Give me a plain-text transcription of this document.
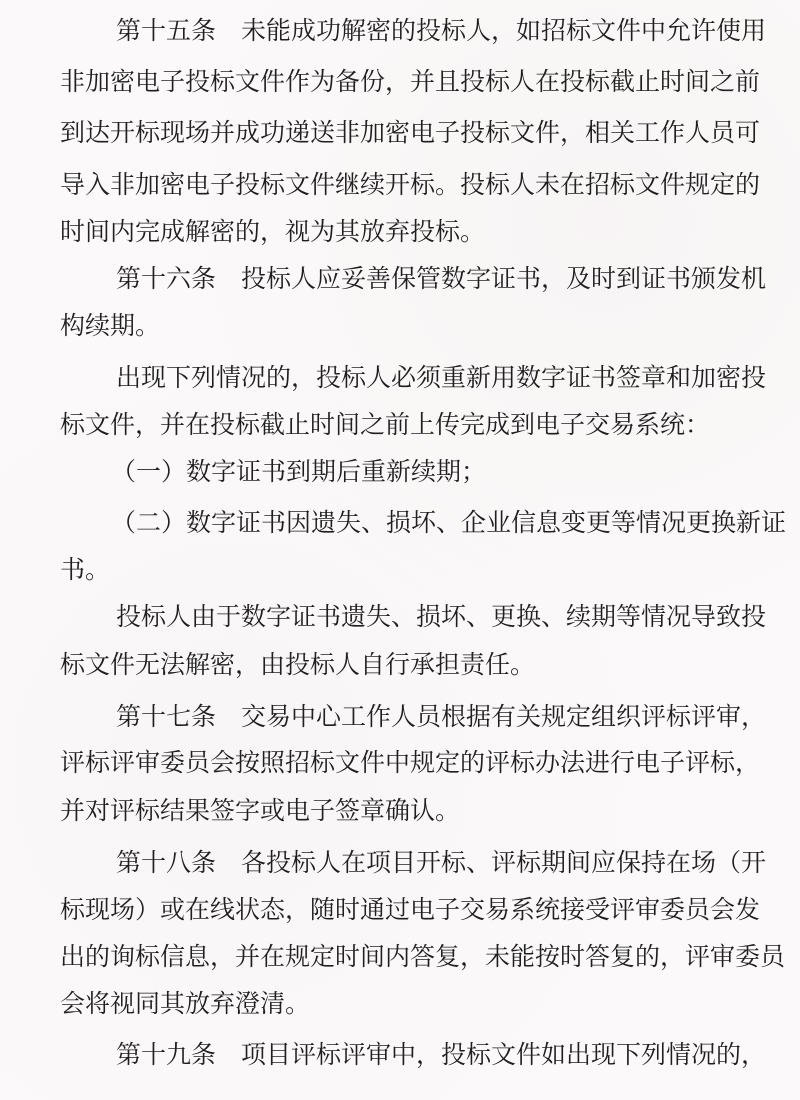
第十五条　未能成功解密的投标人，如招标文件中允许使用
非加密电子投标文件作为备份，并且投标人在投标截止时间之前
到达开标现场并成功递送非加密电子投标文件，相关工作人员可
导入非加密电子投标文件继续开标。投标人未在招标文件规定的
时间内完成解密的，视为其放弃投标。
第十六条　投标人应妥善保管数字证书，及时到证书颁发机
构续期。
出现下列情况的，投标人必须重新用数字证书签章和加密投
标文件，并在投标截止时间之前上传完成到电子交易系统：
（一）数字证书到期后重新续期；
（二）数字证书因遗失、损坏、企业信息变更等情况更换新证
书。
投标人由于数字证书遗失、损坏、更换、续期等情况导致投
标文件无法解密，由投标人自行承担责任。
第十七条　交易中心工作人员根据有关规定组织评标评审，
评标评审委员会按照招标文件中规定的评标办法进行电子评标，
并对评标结果签字或电子签章确认。
第十八条　各投标人在项目开标、评标期间应保持在场（开
标现场）或在线状态，随时通过电子交易系统接受评审委员会发
出的询标信息，并在规定时间内答复，未能按时答复的，评审委员
会将视同其放弃澄清。
第十九条　项目评标评审中，投标文件如出现下列情况的，
